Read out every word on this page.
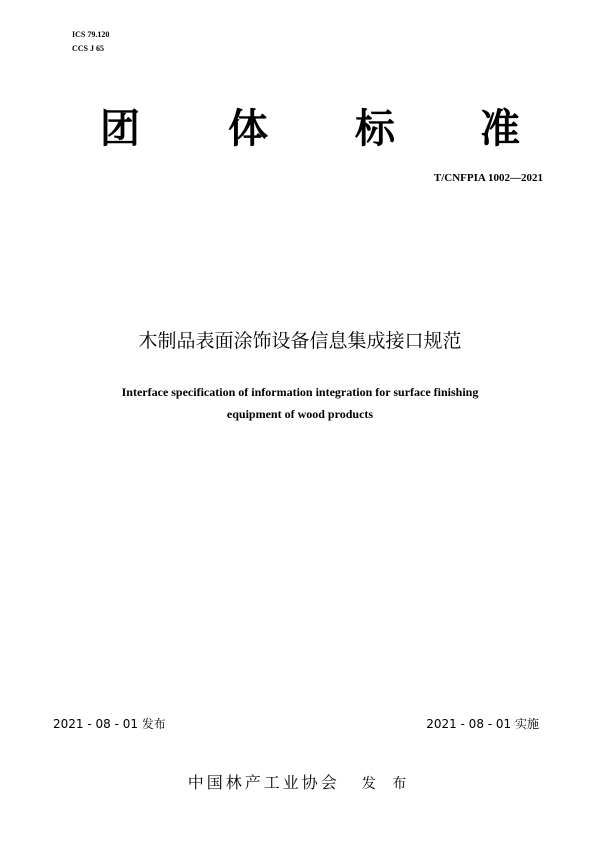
ICS 79.120
CCS J 65
团 体 标 准
T/CNFPIA 1002—2021
木制品表面涂饰设备信息集成接口规范
Interface specification of information integration for surface finishing
equipment of wood products
2021 - 08 - 01 发布	2021 - 08 - 01 实施
中国林产工业协会 发 布
